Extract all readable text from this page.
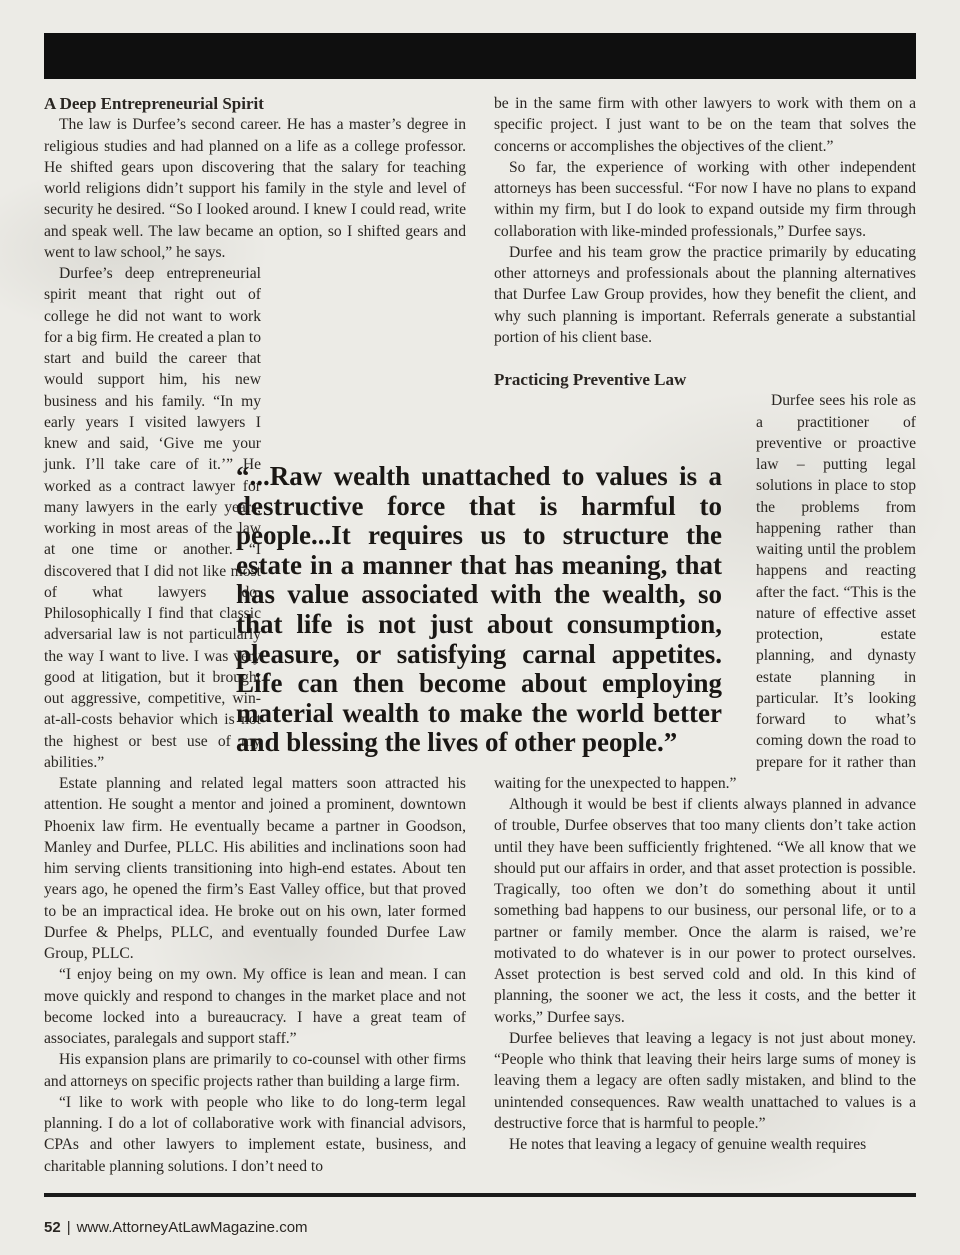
A Deep Entrepreneurial Spirit

The law is Durfee’s second career. He has a master’s degree in religious studies and had planned on a life as a college professor. He shifted gears upon discovering that the salary for teaching world religions didn’t support his family in the style and level of security he desired. “So I looked around. I knew I could read, write and speak well. The law became an option, so I shifted gears and went to law school,” he says.

Durfee’s deep entrepreneurial spirit meant that right out of college he did not want to work for a big firm. He created a plan to start and build the career that would support him, his new business and his family. “In my early years I visited lawyers I knew and said, ‘Give me your junk. I’ll take care of it.’” He worked as a contract lawyer for many lawyers in the early years, working in most areas of the law at one time or another. “I discovered that I did not like most of what lawyers do. Philosophically I find that classic adversarial law is not particularly the way I want to live. I was very good at litigation, but it brought out aggressive, competitive, win-at-all-costs behavior which is not the highest or best use of my abilities.”

Estate planning and related legal matters soon attracted his attention. He sought a mentor and joined a prominent, downtown Phoenix law firm. He eventually became a partner in Goodson, Manley and Durfee, PLLC. His abilities and inclinations soon had him serving clients transitioning into high-end estates. About ten years ago, he opened the firm’s East Valley office, but that proved to be an impractical idea. He broke out on his own, later formed Durfee & Phelps, PLLC, and eventually founded Durfee Law Group, PLLC.

“I enjoy being on my own. My office is lean and mean. I can move quickly and respond to changes in the market place and not become locked into a bureaucracy. I have a great team of associates, paralegals and support staff.”

His expansion plans are primarily to co-counsel with other firms and attorneys on specific projects rather than building a large firm.

“I like to work with people who like to do long-term legal planning. I do a lot of collaborative work with financial advisors, CPAs and other lawyers to implement estate, business, and charitable planning solutions. I don’t need to

be in the same firm with other lawyers to work with them on a specific project. I just want to be on the team that solves the concerns or accomplishes the objectives of the client.”

So far, the experience of working with other independent attorneys has been successful. “For now I have no plans to expand within my firm, but I do look to expand outside my firm through collaboration with like-minded professionals,” Durfee says.

Durfee and his team grow the practice primarily by educating other attorneys and professionals about the planning alternatives that Durfee Law Group provides, how they benefit the client, and why such planning is important. Referrals generate a substantial portion of his client base.

Practicing Preventive Law

Durfee sees his role as a practitioner of preventive or proactive law – putting legal solutions in place to stop the problems from happening rather than waiting until the problem happens and reacting after the fact. “This is the nature of effective asset protection, estate planning, and dynasty estate planning in particular. It’s looking forward to what’s coming down the road to prepare for it rather than waiting for the unexpected to happen.”

Although it would be best if clients always planned in advance of trouble, Durfee observes that too many clients don’t take action until they have been sufficiently frightened. “We all know that we should put our affairs in order, and that asset protection is possible. Tragically, too often we don’t do something about it until something bad happens to our business, our personal life, or to a partner or family member. Once the alarm is raised, we’re motivated to do whatever is in our power to protect ourselves. Asset protection is best served cold and old. In this kind of planning, the sooner we act, the less it costs, and the better it works,” Durfee says.

Durfee believes that leaving a legacy is not just about money. “People who think that leaving their heirs large sums of money is leaving them a legacy are often sadly mistaken, and blind to the unintended consequences. Raw wealth unattached to values is a destructive force that is harmful to people.”

He notes that leaving a legacy of genuine wealth requires

“...Raw wealth unattached to values is a destructive force that is harmful to people...It requires us to structure the estate in a manner that has meaning, that has value associated with the wealth, so that life is not just about consumption, pleasure, or satisfying carnal appetites. Life can then become about employing material wealth to make the world better and blessing the lives of other people.”
52 | www.AttorneyAtLawMagazine.com
